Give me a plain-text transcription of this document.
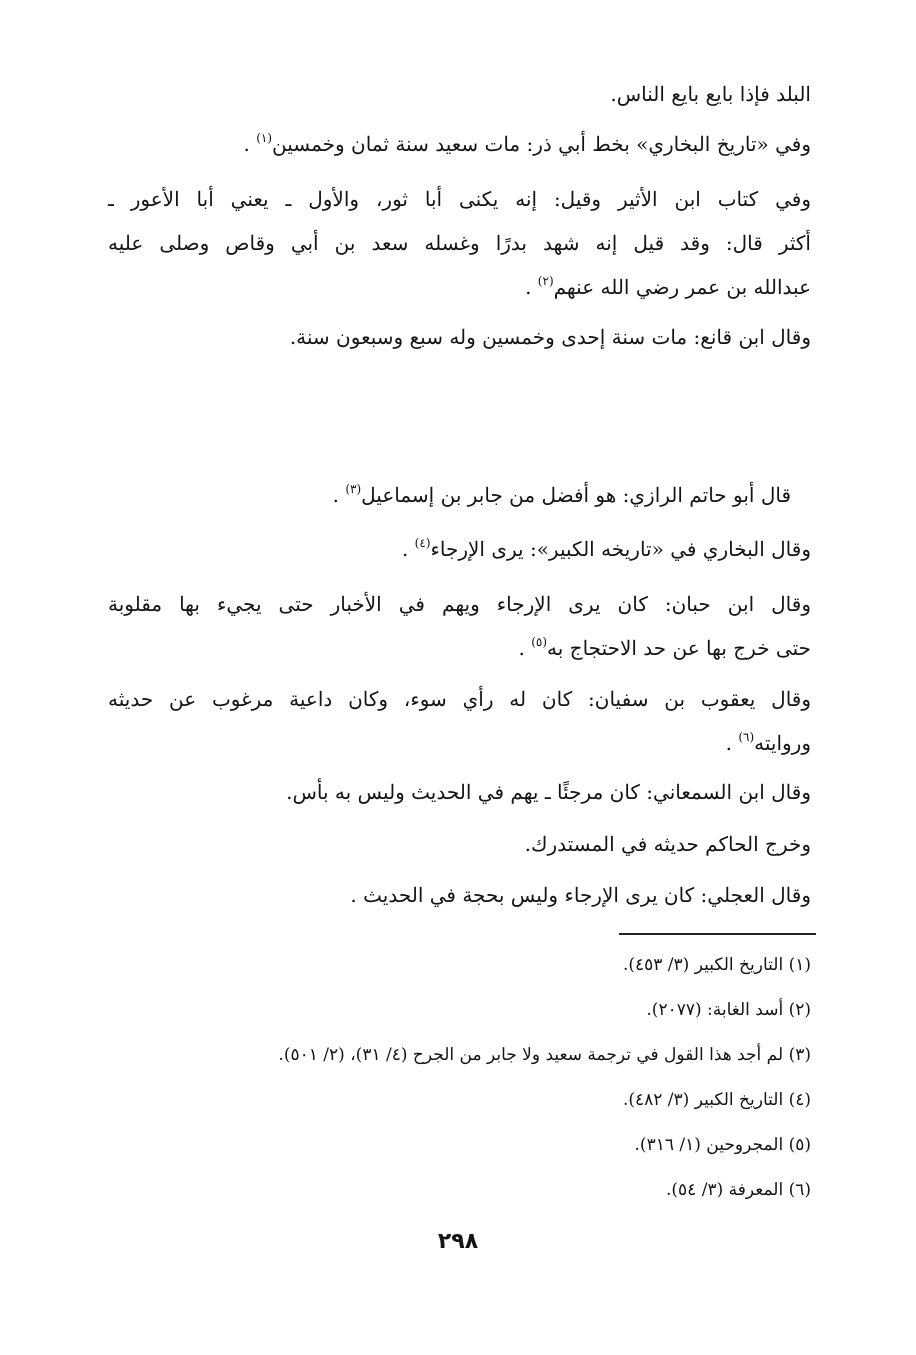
البلد فإذا بايع بايع الناس.
وفي «تاريخ البخاري» بخط أبي ذر: مات سعيد سنة ثمان وخمسين$^{(١)}$ .
وفي كتاب ابن الأثير وقيل: إنه يكنى أبا ثور، والأول ـ يعني أبا الأعور ـ
أكثر قال: وقد قيل إنه شهد بدرًا وغسله سعد بن أبي وقاص وصلى عليه
عبدالله بن عمر رضي الله عنهم$^{(٢)}$ .
وقال ابن قانع: مات سنة إحدى وخمسين وله سبع وسبعون سنة.
قال أبو حاتم الرازي: هو أفضل من جابر بن إسماعيل$^{(٣)}$ .
وقال البخاري في «تاريخه الكبير»: يرى الإرجاء$^{(٤)}$ .
وقال ابن حبان: كان يرى الإرجاء ويهم في الأخبار حتى يجيء بها مقلوبة
حتى خرج بها عن حد الاحتجاج به$^{(٥)}$ .
وقال يعقوب بن سفيان: كان له رأي سوء، وكان داعية مرغوب عن حديثه
وروايته$^{(٦)}$ .
وقال ابن السمعاني: كان مرجئًا ـ يهم في الحديث وليس به بأس.
وخرج الحاكم حديثه في المستدرك.
وقال العجلي: كان يرى الإرجاء وليس بحجة في الحديث .
(١) التاريخ الكبير (٣/ ٤٥٣).
(٢) أسد الغابة: (٢٠٧٧).
(٣) لم أجد هذا القول في ترجمة سعيد ولا جابر من الجرح (٤/ ٣١)، (٢/ ٥٠١).
(٤) التاريخ الكبير (٣/ ٤٨٢).
(٥) المجروحين (١/ ٣١٦).
(٦) المعرفة (٣/ ٥٤).
٢٩٨
